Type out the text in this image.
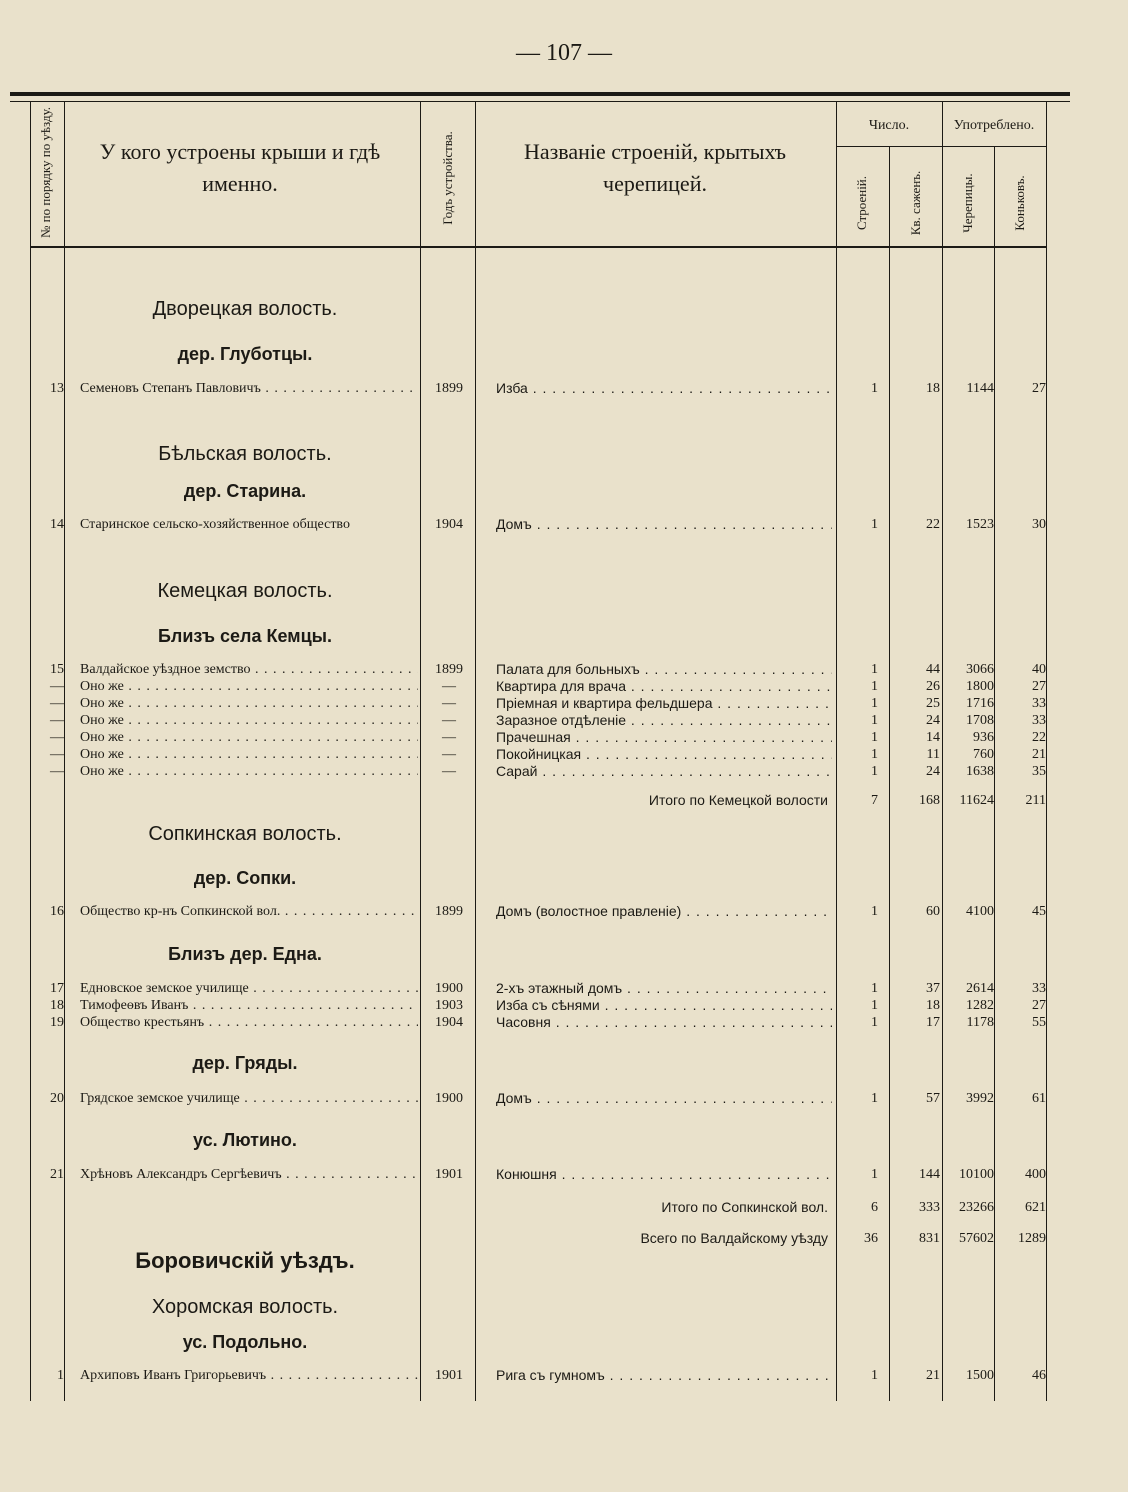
— 107 —
№ по порядку по уѣзду.	У кого устроены крыши и гдѣ именно.	Годъ устройства.	Названіе строеній, крытыхъ черепицей.
Число.	Употреблено.
Строеній.	Кв. саженъ.	Черепицы.	Коньковъ.
Дворецкая волость.
дер. Глуботцы.
Бѣльская волость.
дер. Старина.
Кемецкая волость.
Близъ села Кемцы.
Сопкинская волость.
дер. Сопки.
Близъ дер. Една.
дер. Гряды.
ус. Лютино.
Боровичскій уѣздъ.
Хоромская волость.
ус. Подольно.
13 Семеновъ Степанъ Павловичъ . . .	1899	Изба . . .	1	18	1144	27
14 Старинское сельско-хозяйственное общество	1904	Домъ . . .	1	22	1523	30
15 Валдайское уѣздное земство . . .	1899	Палата для больныхъ . . .	1	44	3066	40
— Оно же . . .	—	Квартира для врача . . .	1	26	1800	27
— Оно же . . .	—	Пріемная и квартира фельдшера . . .	1	25	1716	33
— Оно же . . .	—	Заразное отдѣленіе . . .	1	24	1708	33
— Оно же . . .	—	Прачешная . . .	1	14	936	22
— Оно же . . .	—	Покойницкая . . .	1	11	760	21
— Оно же . . .	—	Сарай . . .	1	24	1638	35
16 Общество кр-нъ Сопкинской вол. . . .	1899	Домъ (волостное правленіе) . . .	1	60	4100	45
17 Едновское земское училище . . .	1900	2-хъ этажный домъ . . .	1	37	2614	33
18 Тимофеѳвъ Иванъ . . .	1903	Изба съ сѣнями . . .	1	18	1282	27
19 Общество крестьянъ . . .	1904	Часовня . . .	1	17	1178	55
20 Грядское земское училище . . .	1900	Домъ . . .	1	57	3992	61
21 Хрѣновъ Александръ Сергѣевичъ . . .	1901	Конюшня . . .	1	144	10100	400
1 Архиповъ Иванъ Григорьевичъ . . .	1901	Рига съ гумномъ . . .	1	21	1500	46
Итого по Кемецкой волости	7	168	11624	211
Итого по Сопкинской вол.	6	333	23266	621
Всего по Валдайскому уѣзду	36	831	57602	1289
